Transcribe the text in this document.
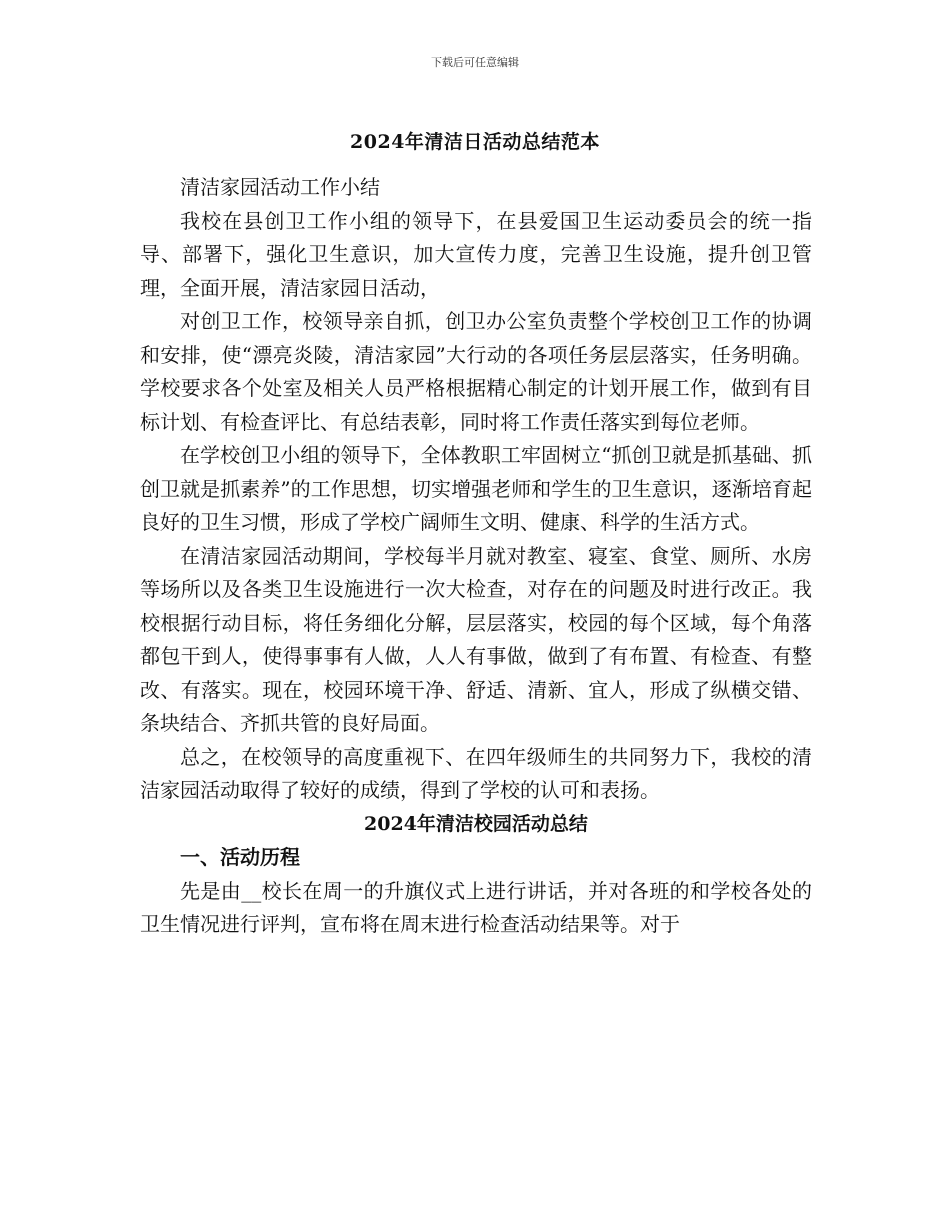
下载后可任意编辑
2024年清洁日活动总结范本

清洁家园活动工作小结

我校在县创卫工作小组的领导下，在县爱国卫生运动委员会的统一指导、部署下，强化卫生意识，加大宣传力度，完善卫生设施，提升创卫管理，全面开展，清洁家园日活动，

对创卫工作，校领导亲自抓，创卫办公室负责整个学校创卫工作的协调和安排，使“漂亮炎陵，清洁家园”大行动的各项任务层层落实，任务明确。学校要求各个处室及相关人员严格根据精心制定的计划开展工作，做到有目标计划、有检查评比、有总结表彰，同时将工作责任落实到每位老师。

在学校创卫小组的领导下，全体教职工牢固树立“抓创卫就是抓基础、抓创卫就是抓素养”的工作思想，切实增强老师和学生的卫生意识，逐渐培育起良好的卫生习惯，形成了学校广阔师生文明、健康、科学的生活方式。

在清洁家园活动期间，学校每半月就对教室、寝室、食堂、厕所、水房等场所以及各类卫生设施进行一次大检查，对存在的问题及时进行改正。我校根据行动目标，将任务细化分解，层层落实，校园的每个区域，每个角落都包干到人，使得事事有人做，人人有事做，做到了有布置、有检查、有整改、有落实。现在，校园环境干净、舒适、清新、宜人，形成了纵横交错、条块结合、齐抓共管的良好局面。

总之，在校领导的高度重视下、在四年级师生的共同努力下，我校的清洁家园活动取得了较好的成绩，得到了学校的认可和表扬。

2024年清洁校园活动总结

一、活动历程

先是由__校长在周一的升旗仪式上进行讲话，并对各班的和学校各处的卫生情况进行评判，宣布将在周末进行检查活动结果等。对于
